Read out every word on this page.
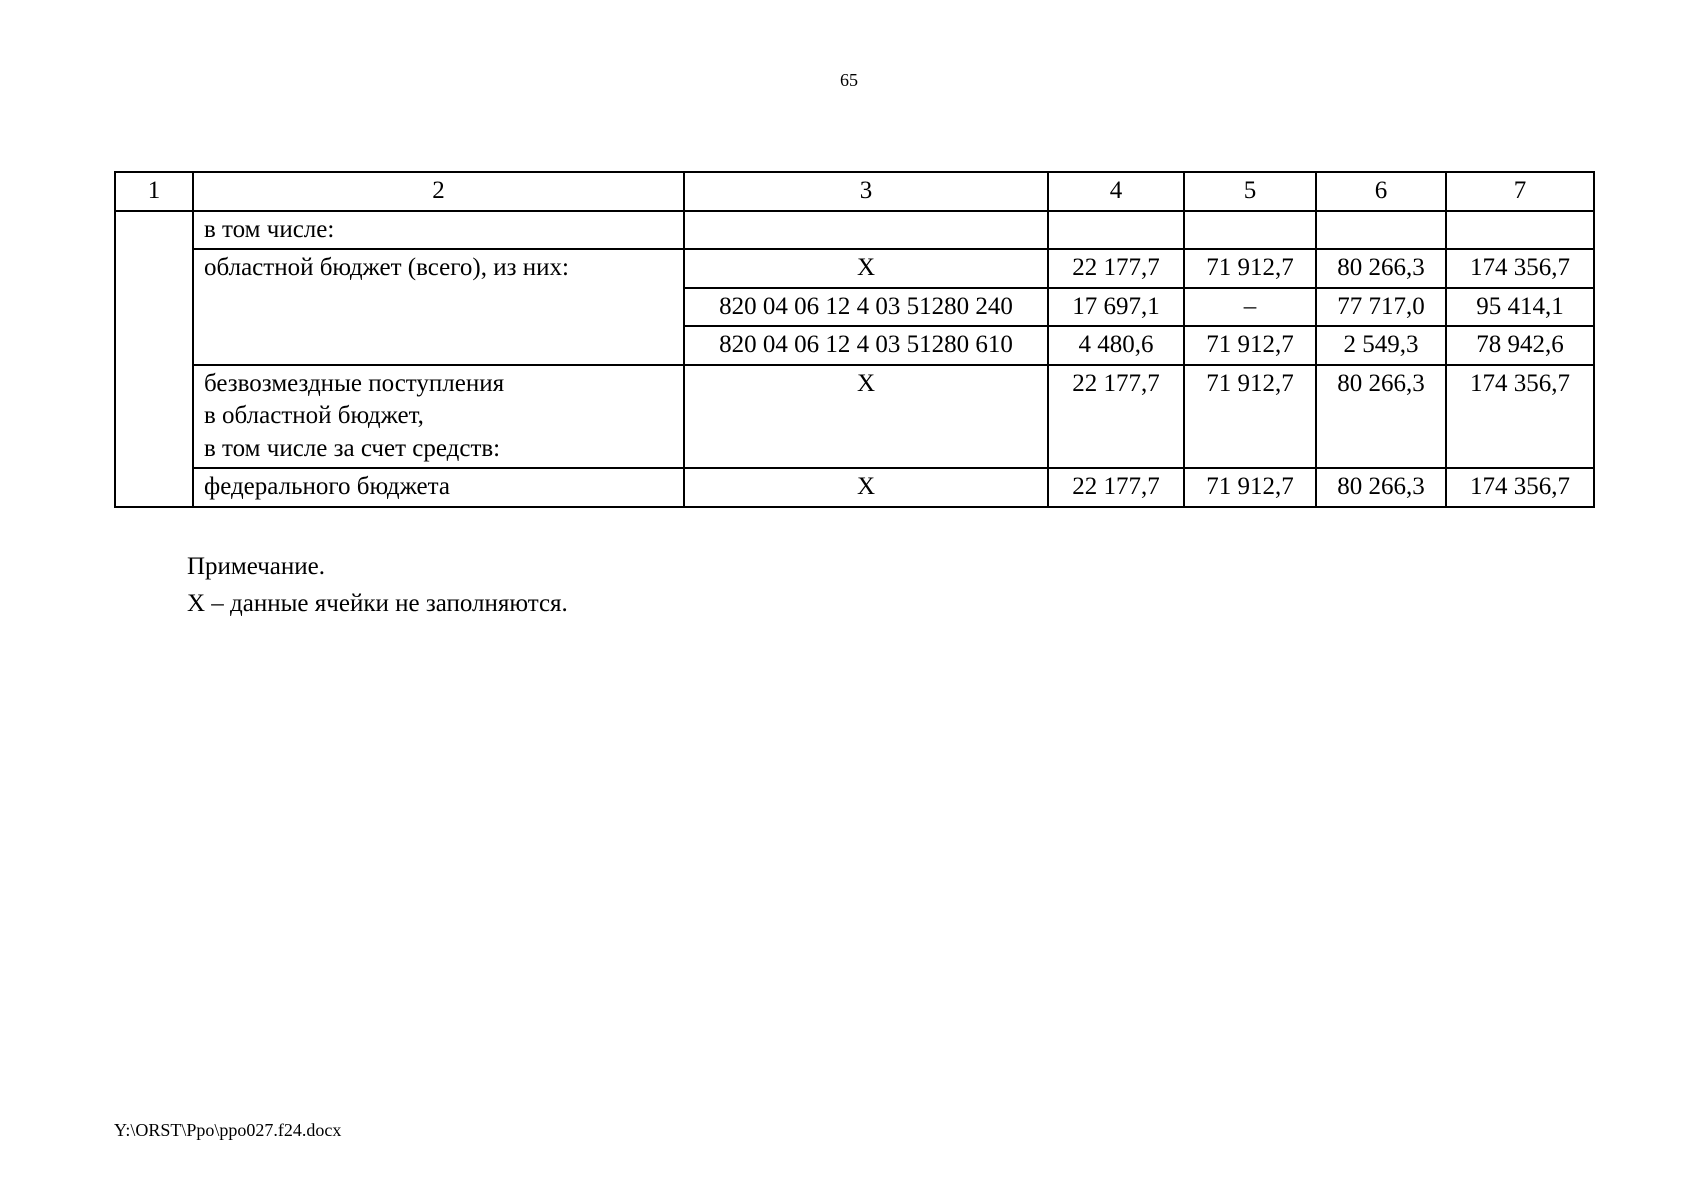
65
1	2	3	4	5	6	7
	в том числе:					
	областной бюджет (всего), из них:	Х	22 177,7	71 912,7	80 266,3	174 356,7
		820 04 06 12 4 03 51280 240	17 697,1	–	77 717,0	95 414,1
		820 04 06 12 4 03 51280 610	4 480,6	71 912,7	2 549,3	78 942,6

	безвозмездные поступления
в областной бюджет,
в том числе за счет средств:	Х	22 177,7	71 912,7	80 266,3	174 356,7
	федерального бюджета	Х	22 177,7	71 912,7	80 266,3	174 356,7
Примечание.
Х – данные ячейки не заполняются.
Y:\ORST\Ppo\ppo027.f24.docx
